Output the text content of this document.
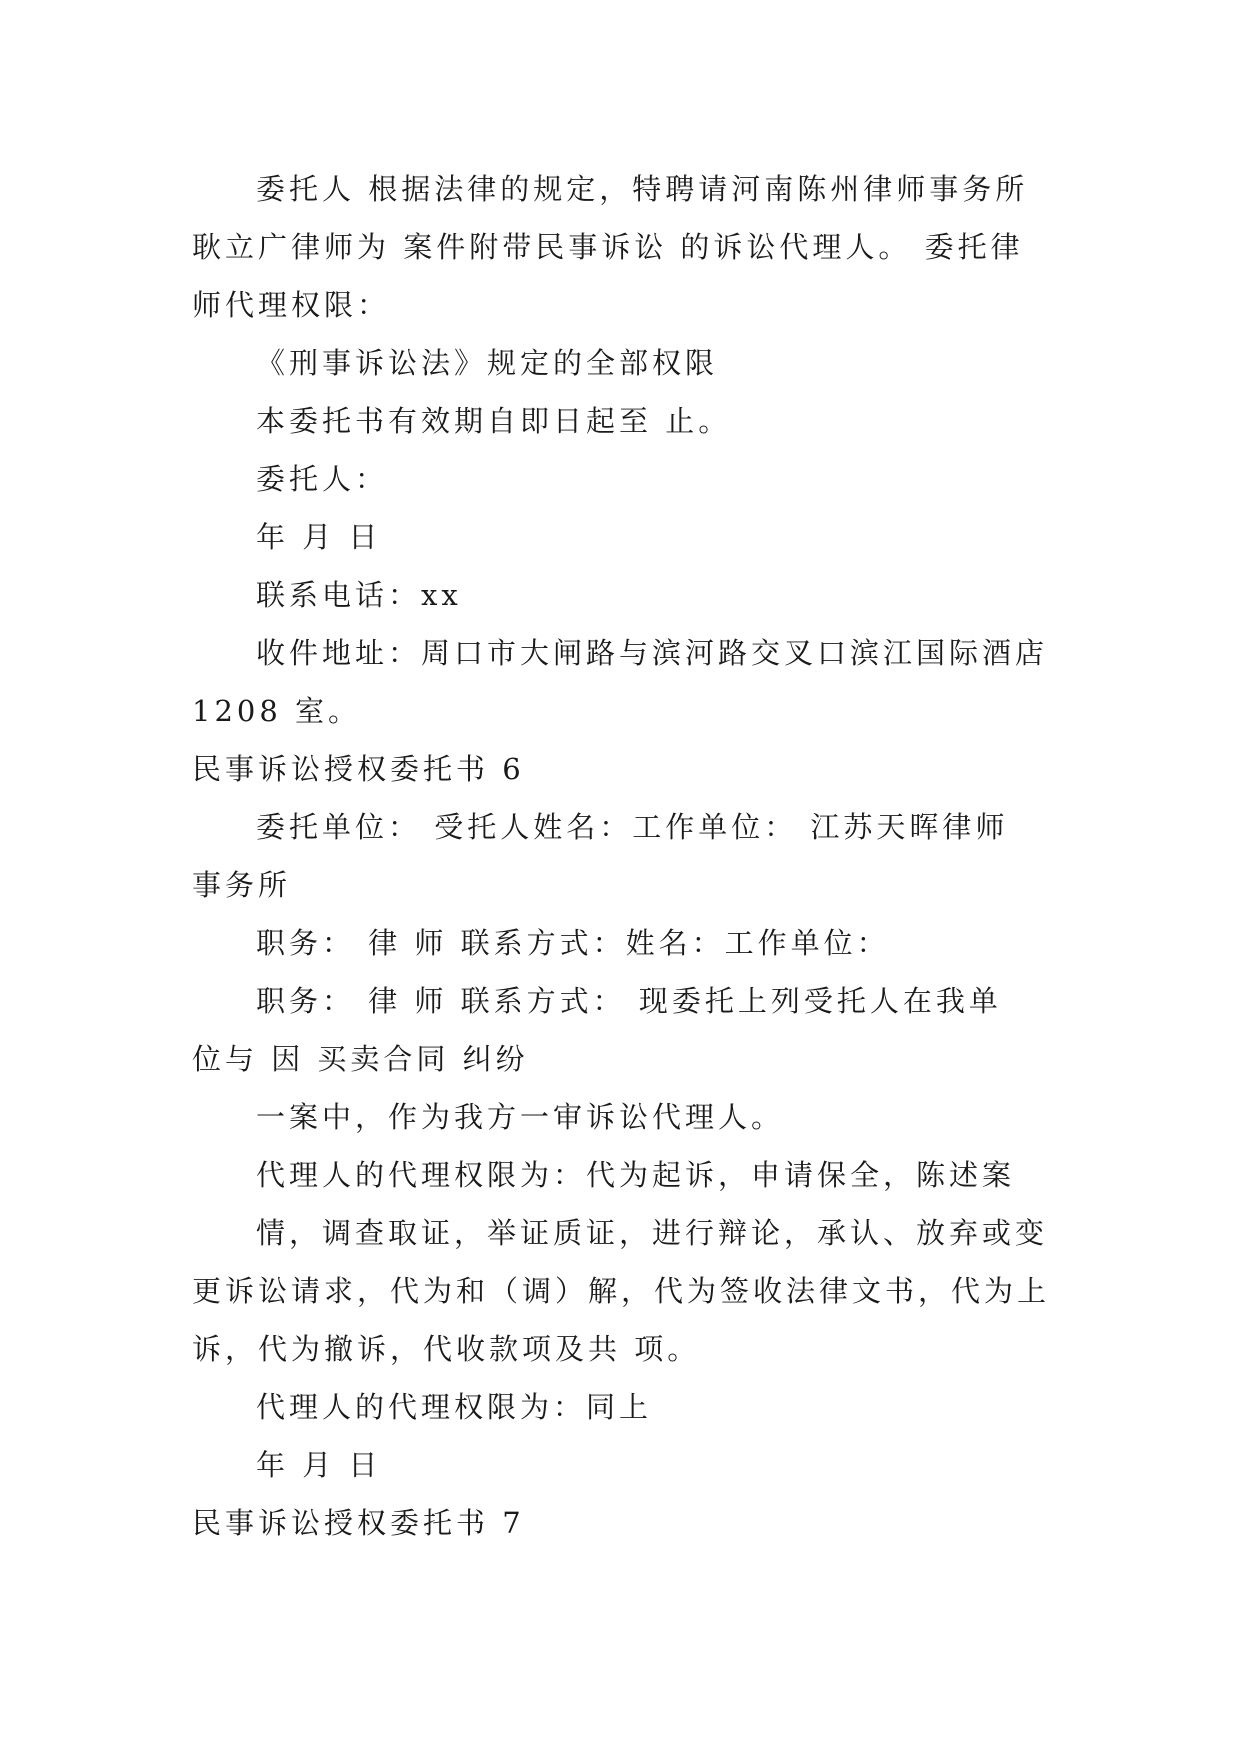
委托人 根据法律的规定，特聘请河南陈州律师事务所
耿立广律师为 案件附带民事诉讼 的诉讼代理人。 委托律
师代理权限：
《刑事诉讼法》规定的全部权限
本委托书有效期自即日起至 止。
委托人：
年 月 日
联系电话：xx
收件地址：周口市大闸路与滨河路交叉口滨江国际酒店
1208 室。
民事诉讼授权委托书 6
委托单位： 受托人姓名：工作单位： 江苏天晖律师
事务所
职务： 律 师 联系方式：姓名：工作单位：
职务： 律 师 联系方式： 现委托上列受托人在我单
位与 因 买卖合同 纠纷
一案中，作为我方一审诉讼代理人。
代理人的代理权限为：代为起诉，申请保全，陈述案
情，调查取证，举证质证，进行辩论，承认、放弃或变
更诉讼请求，代为和（调）解，代为签收法律文书，代为上
诉，代为撤诉，代收款项及共 项。
代理人的代理权限为：同上
年 月 日
民事诉讼授权委托书 7
